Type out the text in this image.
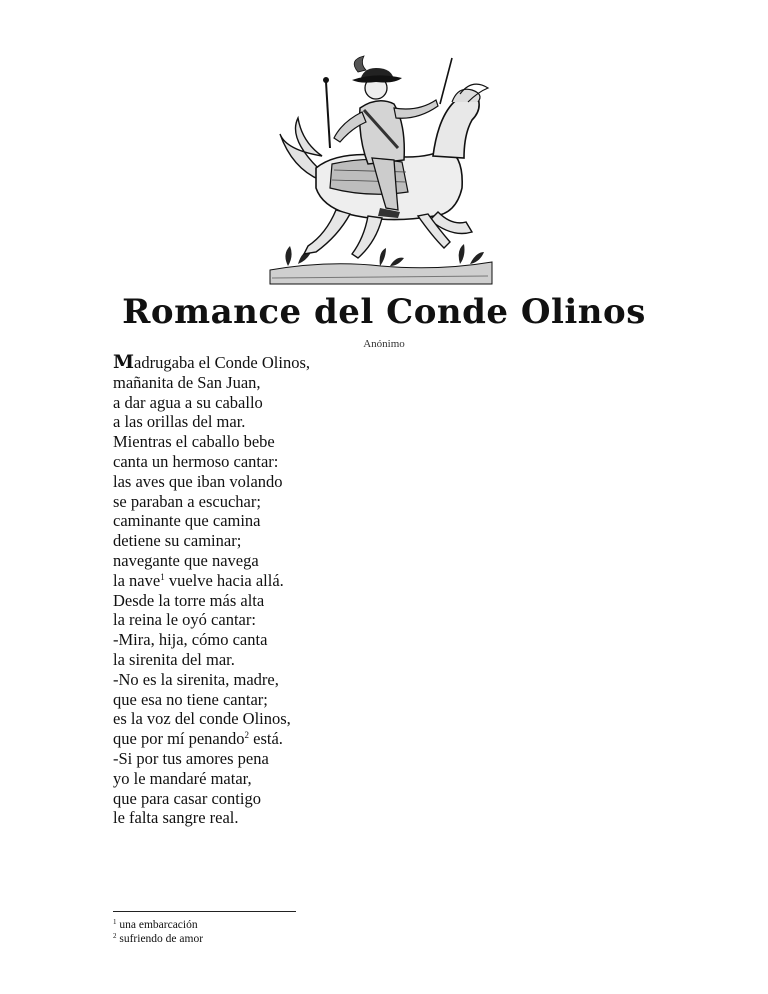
Romance del Conde Olinos
Anónimo
Madrugaba el Conde Olinos,
mañanita de San Juan,
a dar agua a su caballo
a las orillas del mar.
Mientras el caballo bebe
canta un hermoso cantar:
las aves que iban volando
se paraban a escuchar;
caminante que camina
detiene su caminar;
navegante que navega
la nave$^1$ vuelve hacia allá.
Desde la torre más alta
la reina le oyó cantar:
-Mira, hija, cómo canta
la sirenita del mar.
-No es la sirenita, madre,
que esa no tiene cantar;
es la voz del conde Olinos,
que por mí penando$^2$ está.
-Si por tus amores pena
yo le mandaré matar,
que para casar contigo
le falta sangre real.
$^1$ una embarcación
$^2$ sufriendo de amor
